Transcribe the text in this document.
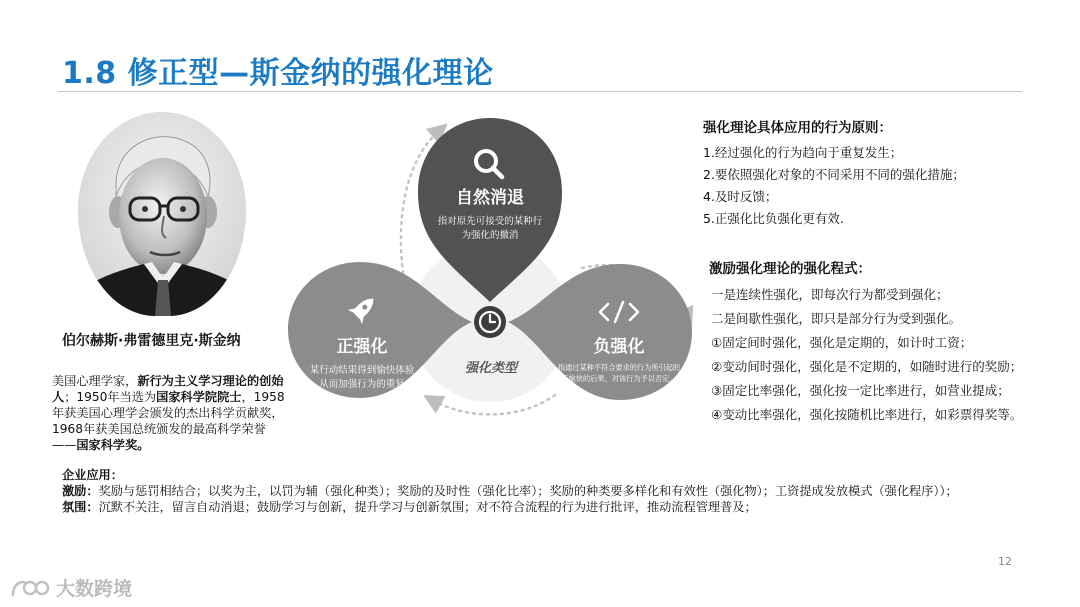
1.8 修正型—斯金纳的强化理论
伯尔赫斯·弗雷德里克·斯金纳
美国心理学家，新行为主义学习理论的创始人；1950年当选为国家科学院院士，1958年获美国心理学会颁发的杰出科学贡献奖，1968年获美国总统颁发的最高科学荣誉——国家科学奖。
自然消退
指对原先可接受的某种行
为强化的撤消
正强化
某行动结果得到愉快体验
从而加强行为的重复
负强化
指通过某种不符合要求的行为所引起的
不愉快的后果，对该行为予以否定。
强化类型
强化理论具体应用的行为原则：
1.经过强化的行为趋向于重复发生；
2.要依照强化对象的不同采用不同的强化措施；
4.及时反馈；
5.正强化比负强化更有效.
激励强化理论的强化程式：
一是连续性强化，即每次行为都受到强化；
二是间歇性强化，即只是部分行为受到强化。
①固定间时强化，强化是定期的，如计时工资；
②变动间时强化，强化是不定期的，如随时进行的奖励；
③固定比率强化，强化按一定比率进行，如营业提成；
④变动比率强化，强化按随机比率进行，如彩票得奖等。
企业应用：
激励：奖励与惩罚相结合；以奖为主，以罚为辅（强化种类）；奖励的及时性（强化比率）；奖励的种类要多样化和有效性（强化物）；工资提成发放模式（强化程序））；
氛围：沉默不关注，留言自动消退；鼓励学习与创新，提升学习与创新氛围；对不符合流程的行为进行批评，推动流程管理普及；
12
大数跨境
